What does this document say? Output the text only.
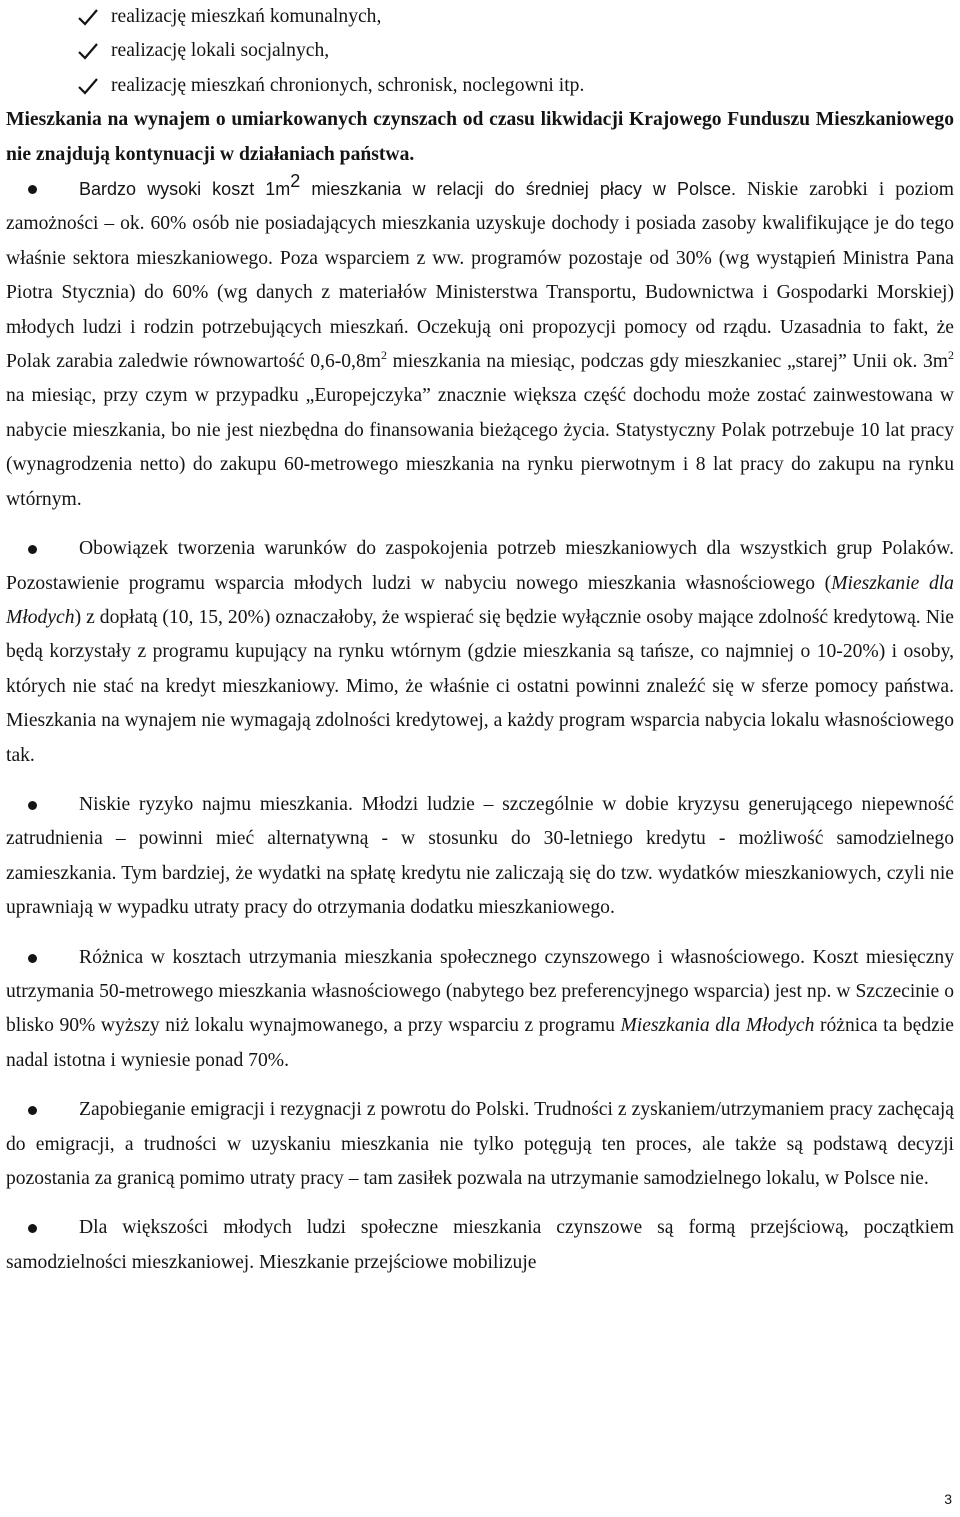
realizację mieszkań komunalnych,
realizację lokali socjalnych,
realizację mieszkań chronionych, schronisk, noclegowni itp.

Mieszkania na wynajem o umiarkowanych czynszach od czasu likwidacji Krajowego Funduszu Mieszkaniowego nie znajdują kontynuacji w działaniach państwa.

Bardzo wysoki koszt $1m^2$ mieszkania w relacji do średniej płacy w Polsce. Niskie zarobki i poziom zamożności – ok. 60% osób nie posiadających mieszkania uzyskuje dochody i posiada zasoby kwalifikujące je do tego właśnie sektora mieszkaniowego. Poza wsparciem z ww. programów pozostaje od 30% (wg wystąpień Ministra Pana Piotra Stycznia) do 60% (wg danych z materiałów Ministerstwa Transportu, Budownictwa i Gospodarki Morskiej) młodych ludzi i rodzin potrzebujących mieszkań. Oczekują oni propozycji pomocy od rządu. Uzasadnia to fakt, że Polak zarabia zaledwie równowartość $0,6-0,8m^2$ mieszkania na miesiąc, podczas gdy mieszkaniec „starej” Unii ok. $3m^2$ na miesiąc, przy czym w przypadku „Europejczyka” znacznie większa część dochodu może zostać zainwestowana w nabycie mieszkania, bo nie jest niezbędna do finansowania bieżącego życia. Statystyczny Polak potrzebuje 10 lat pracy (wynagrodzenia netto) do zakupu 60-metrowego mieszkania na rynku pierwotnym i 8 lat pracy do zakupu na rynku wtórnym.

Obowiązek tworzenia warunków do zaspokojenia potrzeb mieszkaniowych dla wszystkich grup Polaków. Pozostawienie programu wsparcia młodych ludzi w nabyciu nowego mieszkania własnościowego (Mieszkanie dla Młodych) z dopłatą (10, 15, 20%) oznaczałoby, że wspierać się będzie wyłącznie osoby mające zdolność kredytową. Nie będą korzystały z programu kupujący na rynku wtórnym (gdzie mieszkania są tańsze, co najmniej o 10-20%) i osoby, których nie stać na kredyt mieszkaniowy. Mimo, że właśnie ci ostatni powinni znaleźć się w sferze pomocy państwa. Mieszkania na wynajem nie wymagają zdolności kredytowej, a każdy program wsparcia nabycia lokalu własnościowego tak.

Niskie ryzyko najmu mieszkania. Młodzi ludzie – szczególnie w dobie kryzysu generującego niepewność zatrudnienia – powinni mieć alternatywną - w stosunku do 30-letniego kredytu - możliwość samodzielnego zamieszkania. Tym bardziej, że wydatki na spłatę kredytu nie zaliczają się do tzw. wydatków mieszkaniowych, czyli nie uprawniają w wypadku utraty pracy do otrzymania dodatku mieszkaniowego.

Różnica w kosztach utrzymania mieszkania społecznego czynszowego i własnościowego. Koszt miesięczny utrzymania 50-metrowego mieszkania własnościowego (nabytego bez preferencyjnego wsparcia) jest np. w Szczecinie o blisko 90% wyższy niż lokalu wynajmowanego, a przy wsparciu z programu Mieszkania dla Młodych różnica ta będzie nadal istotna i wyniesie ponad 70%.

Zapobieganie emigracji i rezygnacji z powrotu do Polski. Trudności z zyskaniem/utrzymaniem pracy zachęcają do emigracji, a trudności w uzyskaniu mieszkania nie tylko potęgują ten proces, ale także są podstawą decyzji pozostania za granicą pomimo utraty pracy – tam zasiłek pozwala na utrzymanie samodzielnego lokalu, w Polsce nie.

Dla większości młodych ludzi społeczne mieszkania czynszowe są formą przejściową, początkiem samodzielności mieszkaniowej. Mieszkanie przejściowe mobilizuje

3
